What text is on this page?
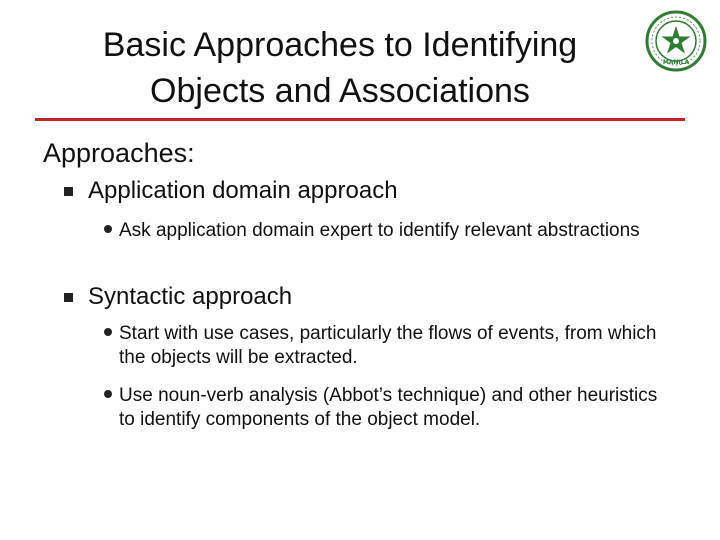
Basic Approaches to Identifying
Objects and Associations
MANILA
Approaches:
Application domain approach
Ask application domain expert to identify relevant abstractions
Syntactic approach
Start with use cases, particularly the flows of events, from which the objects will be extracted.
Use noun-verb analysis (Abbot’s technique) and other heuristics to identify components of the object model.
